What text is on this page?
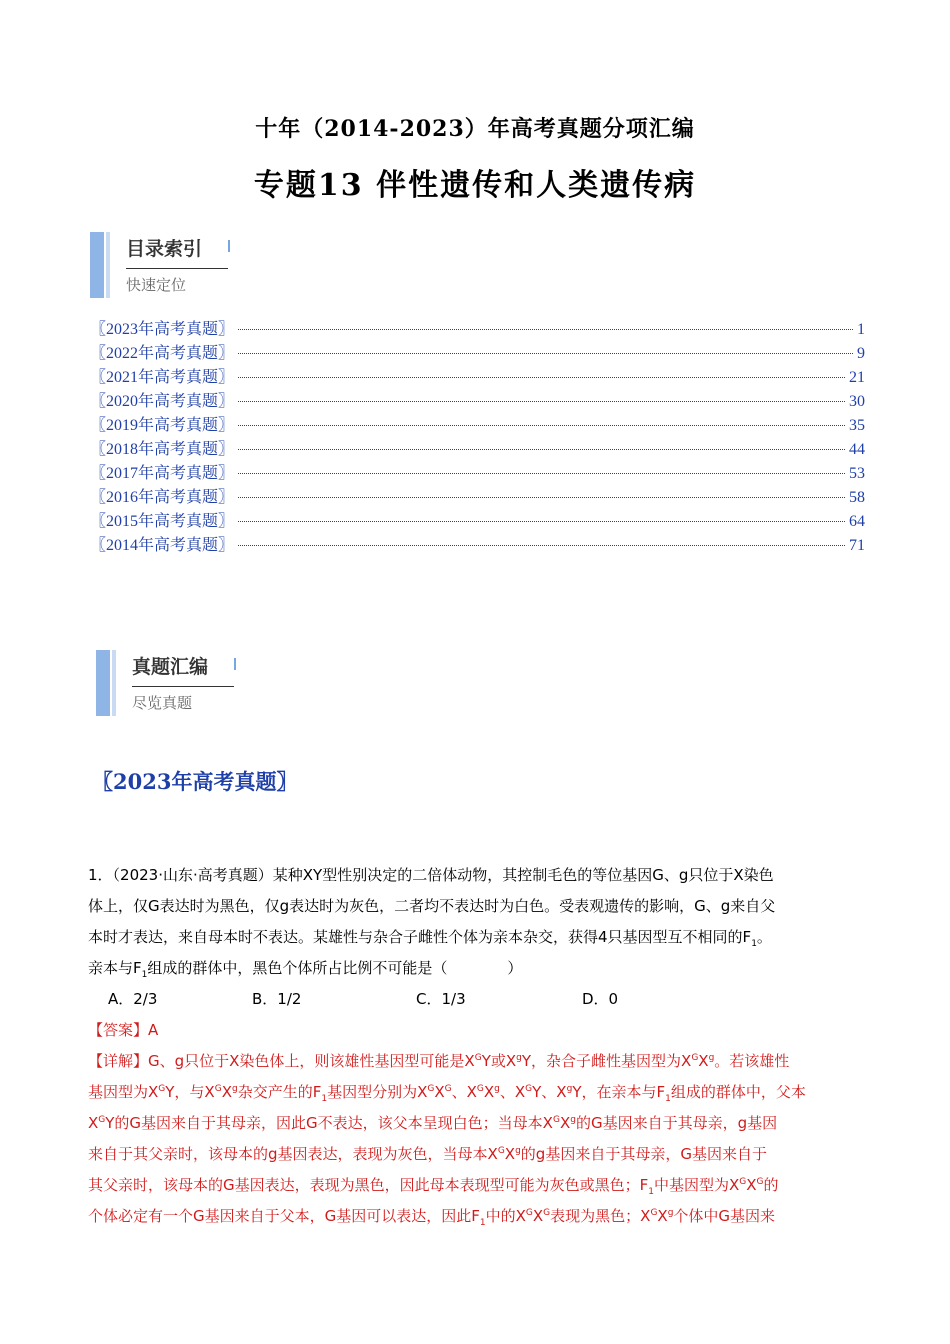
十年（2014-2023）年高考真题分项汇编
专题13 伴性遗传和人类遗传病
目录索引
快速定位
〖2023年高考真题〗	1
〖2022年高考真题〗	9
〖2021年高考真题〗	21
〖2020年高考真题〗	30
〖2019年高考真题〗	35
〖2018年高考真题〗	44
〖2017年高考真题〗	53
〖2016年高考真题〗	58
〖2015年高考真题〗	64
〖2014年高考真题〗	71
真题汇编
尽览真题
〖2023年高考真题〗

1．（2023·山东·高考真题）某种XY型性别决定的二倍体动物，其控制毛色的等位基因G、g只位于X染色
体上，仅G表达时为黑色，仅g表达时为灰色，二者均不表达时为白色。受表观遗传的影响，G、g来自父
本时才表达，来自母本时不表达。某雄性与杂合子雌性个体为亲本杂交，获得4只基因型互不相同的$F_1$。
亲本与$F_1$组成的群体中，黑色个体所占比例不可能是（　　　　）

A．2/3	B．1/2	C．1/3	D．0

【答案】A

【详解】G、g只位于X染色体上，则该雄性基因型可能是$X^GY$或$X^gY$，杂合子雌性基因型为$X^GX^g$。若该雄性
基因型为$X^GY$，与$X^GX^g$杂交产生的$F_1$基因型分别为$X^GX^G$、$X^GX^g$、$X^GY$、$X^gY$，在亲本与$F_1$组成的群体中，父本
$X^GY$的G基因来自于其母亲，因此G不表达，该父本呈现白色；当母本$X^GX^g$的G基因来自于其母亲，g基因
来自于其父亲时，该母本的g基因表达，表现为灰色，当母本$X^GX^g$的g基因来自于其母亲，G基因来自于
其父亲时，该母本的G基因表达，表现为黑色，因此母本表现型可能为灰色或黑色；$F_1$中基因型为$X^GX^G$的
个体必定有一个G基因来自于父本，G基因可以表达，因此$F_1$中的$X^GX^G$表现为黑色；$X^GX^g$个体中G基因来
